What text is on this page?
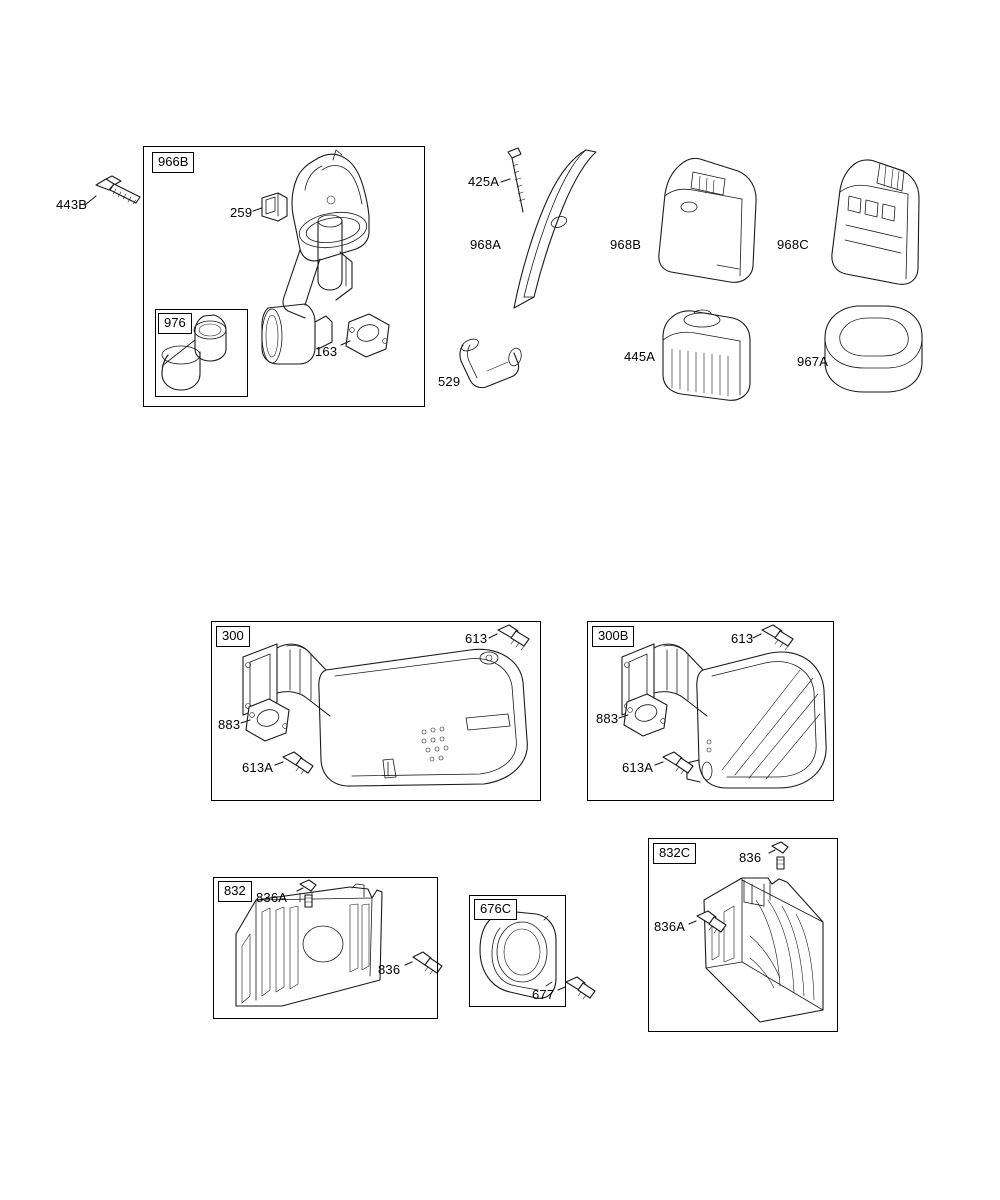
966B
976
300	300B
832
676C
832C
443B
259
163
425A
968A	968B	968C
529
445A	967A
613
883
613A
613
883
613A
836A
836
677
836
836A
